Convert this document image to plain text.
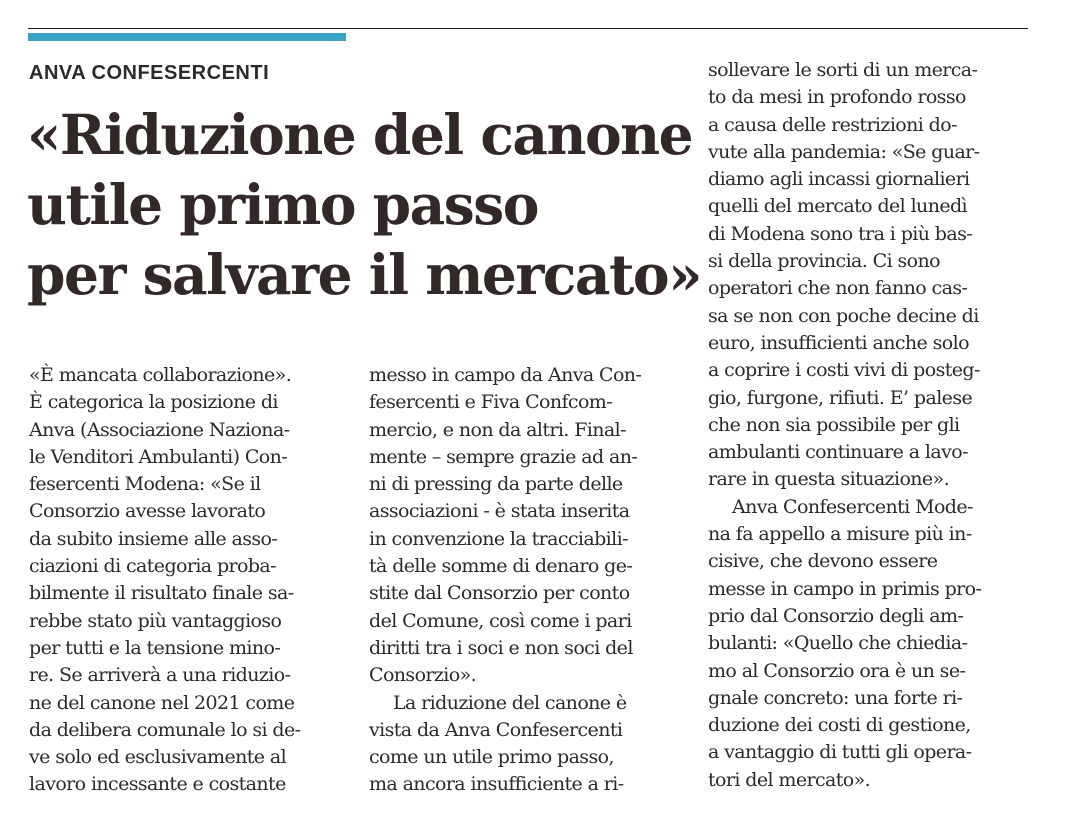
ANVA CONFESERCENTI
«Riduzione del canone
utile primo passo
per salvare il mercato»
«È mancata collaborazione».
È categorica la posizione di
Anva (Associazione Naziona-
le Venditori Ambulanti) Con-
fesercenti Modena: «Se il
Consorzio avesse lavorato
da subito insieme alle asso-
ciazioni di categoria proba-
bilmente il risultato finale sa-
rebbe stato più vantaggioso
per tutti e la tensione mino-
re. Se arriverà a una riduzio-
ne del canone nel 2021 come
da delibera comunale lo si de-
ve solo ed esclusivamente al
lavoro incessante e costante
messo in campo da Anva Con-
fesercenti e Fiva Confcom-
mercio, e non da altri. Final-
mente – sempre grazie ad an-
ni di pressing da parte delle
associazioni - è stata inserita
in convenzione la tracciabili-
tà delle somme di denaro ge-
stite dal Consorzio per conto
del Comune, così come i pari
diritti tra i soci e non soci del
Consorzio».
La riduzione del canone è
vista da Anva Confesercenti
come un utile primo passo,
ma ancora insufficiente a ri-
sollevare le sorti di un merca-
to da mesi in profondo rosso
a causa delle restrizioni do-
vute alla pandemia: «Se guar-
diamo agli incassi giornalieri
quelli del mercato del lunedì
di Modena sono tra i più bas-
si della provincia. Ci sono
operatori che non fanno cas-
sa se non con poche decine di
euro, insufficienti anche solo
a coprire i costi vivi di posteg-
gio, furgone, rifiuti. E’ palese
che non sia possibile per gli
ambulanti continuare a lavo-
rare in questa situazione».
Anva Confesercenti Mode-
na fa appello a misure più in-
cisive, che devono essere
messe in campo in primis pro-
prio dal Consorzio degli am-
bulanti: «Quello che chiedia-
mo al Consorzio ora è un se-
gnale concreto: una forte ri-
duzione dei costi di gestione,
a vantaggio di tutti gli opera-
tori del mercato».
